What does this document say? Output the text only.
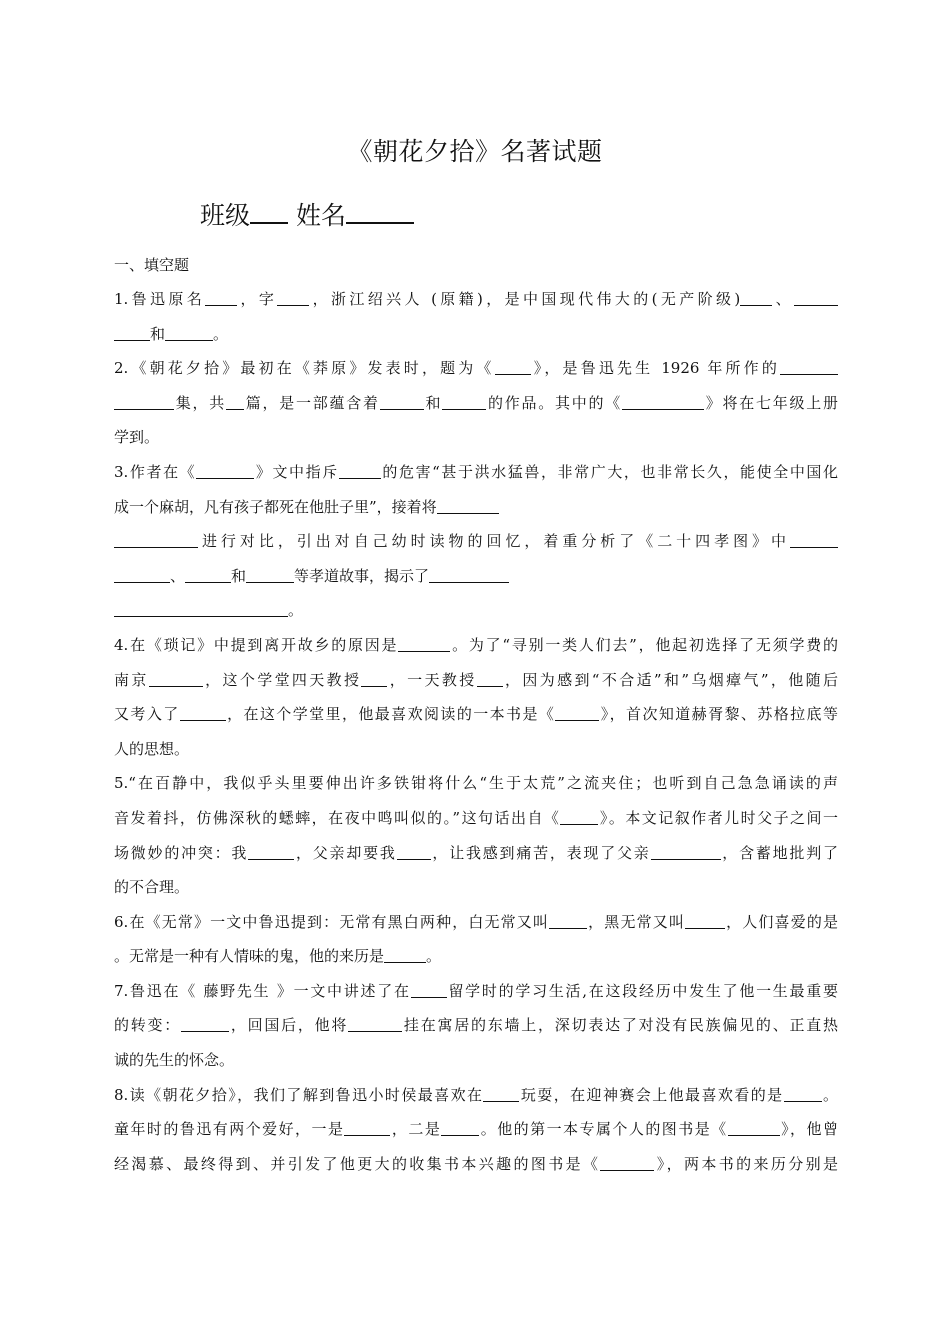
《朝花夕拾》名著试题
班级 姓名
一、填空题
1.鲁迅原名 ，字 ，浙江绍兴人 (原籍)，是中国现代伟大的(无产阶级) 、
和	。
2.《朝花夕拾》最初在《莽原》发表时，题为《 》，是鲁迅先生 1926 年所作的
集，共 篇，是一部蕴含着	和	的作品。其中的《	》将在七年级上册
学到。
3.作者在《	》文中指斥	的危害“甚于洪水猛兽，非常广大，也非常长久，能使全中国化
成一个麻胡，凡有孩子都死在他肚子里”，接着将
进行对比，引出对自己幼时读物的回忆，着重分析了《二十四孝图》中
、	和	等孝道故事，揭示了
。
4.在《琐记》中提到离开故乡的原因是	。为了“寻别一类人们去”，他起初选择了无须学费的
南京	，这个学堂四天教授 ，一天教授 ，因为感到“不合适”和”乌烟瘴气”，他随后
又考入了	，在这个学堂里，他最喜欢阅读的一本书是《	》，首次知道赫胥黎、苏格拉底等
人的思想。
5.“在百静中，我似乎头里要伸出许多铁钳将什么“生于太荒”之流夹住；也听到自己急急诵读的声
音发着抖，仿佛深秋的蟋蟀，在夜中鸣叫似的。”这句话出自《	》。本文记叙作者儿时父子之间一
场微妙的冲突：我	，父亲却要我 ，让我感到痛苦，表现了父亲	，含蓄地批判了
的不合理。
6.在《无常》一文中鲁迅提到：无常有黑白两种，白无常又叫	，黑无常又叫	，人们喜爱的是
。无常是一种有人情味的鬼，他的来历是	。
7.鲁迅在《 藤野先生 》一文中讲述了在 留学时的学习生活,在这段经历中发生了他一生最重要
的转变：	，回国后，他将	挂在寓居的东墙上，深切表达了对没有民族偏见的、正直热
诚的先生的怀念。
8.读《朝花夕拾》，我们了解到鲁迅小时侯最喜欢在 玩耍，在迎神赛会上他最喜欢看的是	。
童年时的鲁迅有两个爱好，一是	，二是	。他的第一本专属个人的图书是《	》，他曾
经渴慕、最终得到、并引发了他更大的收集书本兴趣的图书是《	》，两本书的来历分别是
